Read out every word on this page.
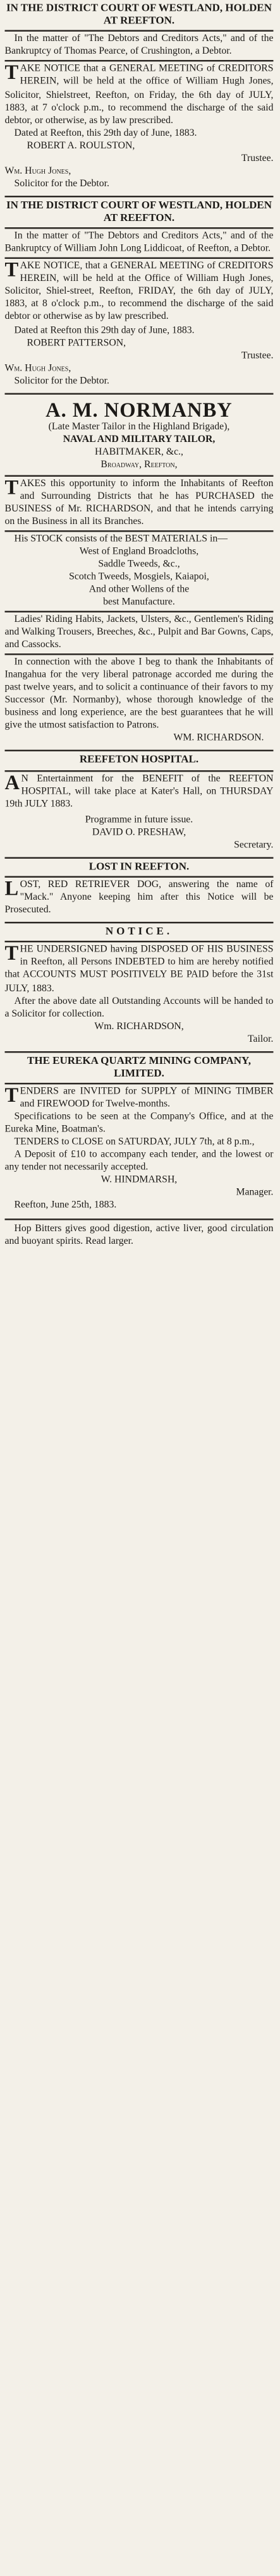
IN THE DISTRICT COURT OF WESTLAND, HOLDEN AT REEFTON.

In the matter of "The Debtors and Creditors Acts," and of the Bankruptcy of Thomas Pearce, of Crushington, a Debtor.

TAKE NOTICE that a GENERAL MEETING of CREDITORS HEREIN, will be held at the office of William Hugh Jones, Solicitor, Shielstreet, Reefton, on Friday, the 6th day of JULY, 1883, at 7 o'clock p.m., to recommend the discharge of the said debtor, or otherwise, as by law prescribed.

Dated at Reefton, this 29th day of June, 1883.

ROBERT A. ROULSTON,
Trustee.
Wm. Hugh Jones,
Solicitor for the Debtor.
IN THE DISTRICT COURT OF WESTLAND, HOLDEN AT REEFTON.

In the matter of "The Debtors and Creditors Acts," and of the Bankruptcy of William John Long Liddicoat, of Reefton, a Debtor.

TAKE NOTICE, that a GENERAL MEETING of CREDITORS HEREIN, will be held at the Office of William Hugh Jones, Solicitor, Shiel-street, Reefton, FRIDAY, the 6th day of JULY, 1883, at 8 o'clock p.m., to recommend the discharge of the said debtor or otherwise as by law prescribed.

Dated at Reefton this 29th day of June, 1883.

ROBERT PATTERSON,
Trustee.
Wm. Hugh Jones,
Solicitor for the Debtor.
A. M. NORMANBY
(Late Master Tailor in the Highland Brigade),
NAVAL AND MILITARY TAILOR,
HABITMAKER, &c.,
Broadway, Reefton,

TAKES this opportunity to inform the Inhabitants of Reefton and Surrounding Districts that he has PURCHASED the BUSINESS of Mr. RICHARDSON, and that he intends carrying on the Business in all its Branches.

His STOCK consists of the BEST MATERIALS in—

West of England Broadcloths,
Saddle Tweeds, &c.,
Scotch Tweeds, Mosgiels, Kaiapoi,
And other Wollens of the
best Manufacture.

Ladies' Riding Habits, Jackets, Ulsters, &c., Gentlemen's Riding and Walking Trousers, Breeches, &c., Pulpit and Bar Gowns, Caps, and Cassocks.

In connection with the above I beg to thank the Inhabitants of Inangahua for the very liberal patronage accorded me during the past twelve years, and to solicit a continuance of their favors to my Successor (Mr. Normanby), whose thorough knowledge of the business and long experience, are the best guarantees that he will give the utmost satisfaction to Patrons.

WM. RICHARDSON.
REEFETON HOSPITAL.

AN Entertainment for the BENEFIT of the REEFTON HOSPITAL, will take place at Kater's Hall, on THURSDAY 19th JULY 1883.

Programme in future issue.
DAVID O. PRESHAW,
Secretary.
LOST IN REEFTON.

LOST, RED RETRIEVER DOG, answering the name of "Mack." Anyone keeping him after this Notice will be Prosecuted.

NOTICE.

THE UNDERSIGNED having DISPOSED OF HIS BUSINESS in Reefton, all Persons INDEBTED to him are hereby notified that ACCOUNTS MUST POSITIVELY BE PAID before the 31st JULY, 1883.

After the above date all Outstanding Accounts will be handed to a Solicitor for collection.

Wm. RICHARDSON,
Tailor.
THE EUREKA QUARTZ MINING COMPANY, LIMITED.

TENDERS are INVITED for SUPPLY of MINING TIMBER and FIREWOOD for Twelve-months.

Specifications to be seen at the Company's Office, and at the Eureka Mine, Boatman's.

TENDERS to CLOSE on SATURDAY, JULY 7th, at 8 p.m.,

A Deposit of £10 to accompany each tender, and the lowest or any tender not necessarily accepted.

W. HINDMARSH,
Manager.
Reefton, June 25th, 1883.

Hop Bitters gives good digestion, active liver, good circulation and buoyant spirits. Read larger.
